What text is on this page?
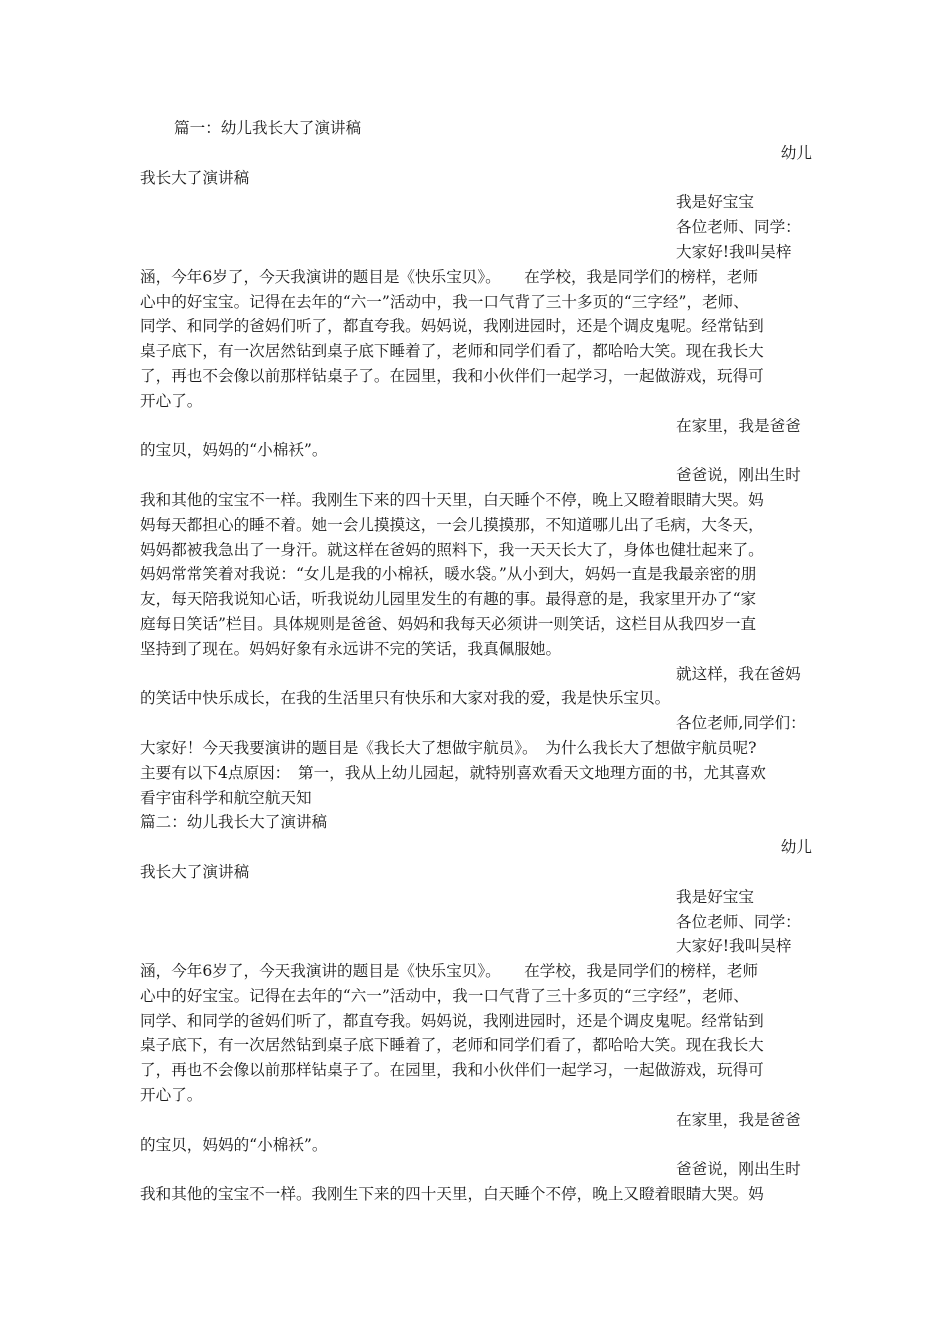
篇一：幼儿我长大了演讲稿
幼儿
我长大了演讲稿
我是好宝宝
各位老师、同学：
大家好!我叫吴梓
涵，今年6岁了，今天我演讲的题目是《快乐宝贝》。　　在学校，我是同学们的榜样，老师
心中的好宝宝。记得在去年的“六一”活动中，我一口气背了三十多页的“三字经”，老师、
同学、和同学的爸妈们听了，都直夸我。妈妈说，我刚进园时，还是个调皮鬼呢。经常钻到
桌子底下，有一次居然钻到桌子底下睡着了，老师和同学们看了，都哈哈大笑。现在我长大
了，再也不会像以前那样钻桌子了。在园里，我和小伙伴们一起学习，一起做游戏，玩得可
开心了。
在家里，我是爸爸
的宝贝，妈妈的“小棉袄”。
爸爸说，刚出生时
我和其他的宝宝不一样。我刚生下来的四十天里，白天睡个不停，晚上又瞪着眼睛大哭。妈
妈每天都担心的睡不着。她一会儿摸摸这，一会儿摸摸那，不知道哪儿出了毛病，大冬天，
妈妈都被我急出了一身汗。就这样在爸妈的照料下，我一天天长大了，身体也健壮起来了。
妈妈常常笑着对我说：“女儿是我的小棉袄，暖水袋。”从小到大，妈妈一直是我最亲密的朋
友，每天陪我说知心话，听我说幼儿园里发生的有趣的事。最得意的是，我家里开办了“家
庭每日笑话”栏目。具体规则是爸爸、妈妈和我每天必须讲一则笑话，这栏目从我四岁一直
坚持到了现在。妈妈好象有永远讲不完的笑话，我真佩服她。
就这样，我在爸妈
的笑话中快乐成长，在我的生活里只有快乐和大家对我的爱，我是快乐宝贝。
各位老师,同学们：
大家好！今天我要演讲的题目是《我长大了想做宇航员》。　为什么我长大了想做宇航员呢?
主要有以下4点原因：　第一，我从上幼儿园起，就特别喜欢看天文地理方面的书，尤其喜欢
看宇宙科学和航空航天知
篇二：幼儿我长大了演讲稿
幼儿
我长大了演讲稿
我是好宝宝
各位老师、同学：
大家好!我叫吴梓
涵，今年6岁了，今天我演讲的题目是《快乐宝贝》。　　在学校，我是同学们的榜样，老师
心中的好宝宝。记得在去年的“六一”活动中，我一口气背了三十多页的“三字经”，老师、
同学、和同学的爸妈们听了，都直夸我。妈妈说，我刚进园时，还是个调皮鬼呢。经常钻到
桌子底下，有一次居然钻到桌子底下睡着了，老师和同学们看了，都哈哈大笑。现在我长大
了，再也不会像以前那样钻桌子了。在园里，我和小伙伴们一起学习，一起做游戏，玩得可
开心了。
在家里，我是爸爸
的宝贝，妈妈的“小棉袄”。
爸爸说，刚出生时
我和其他的宝宝不一样。我刚生下来的四十天里，白天睡个不停，晚上又瞪着眼睛大哭。妈
